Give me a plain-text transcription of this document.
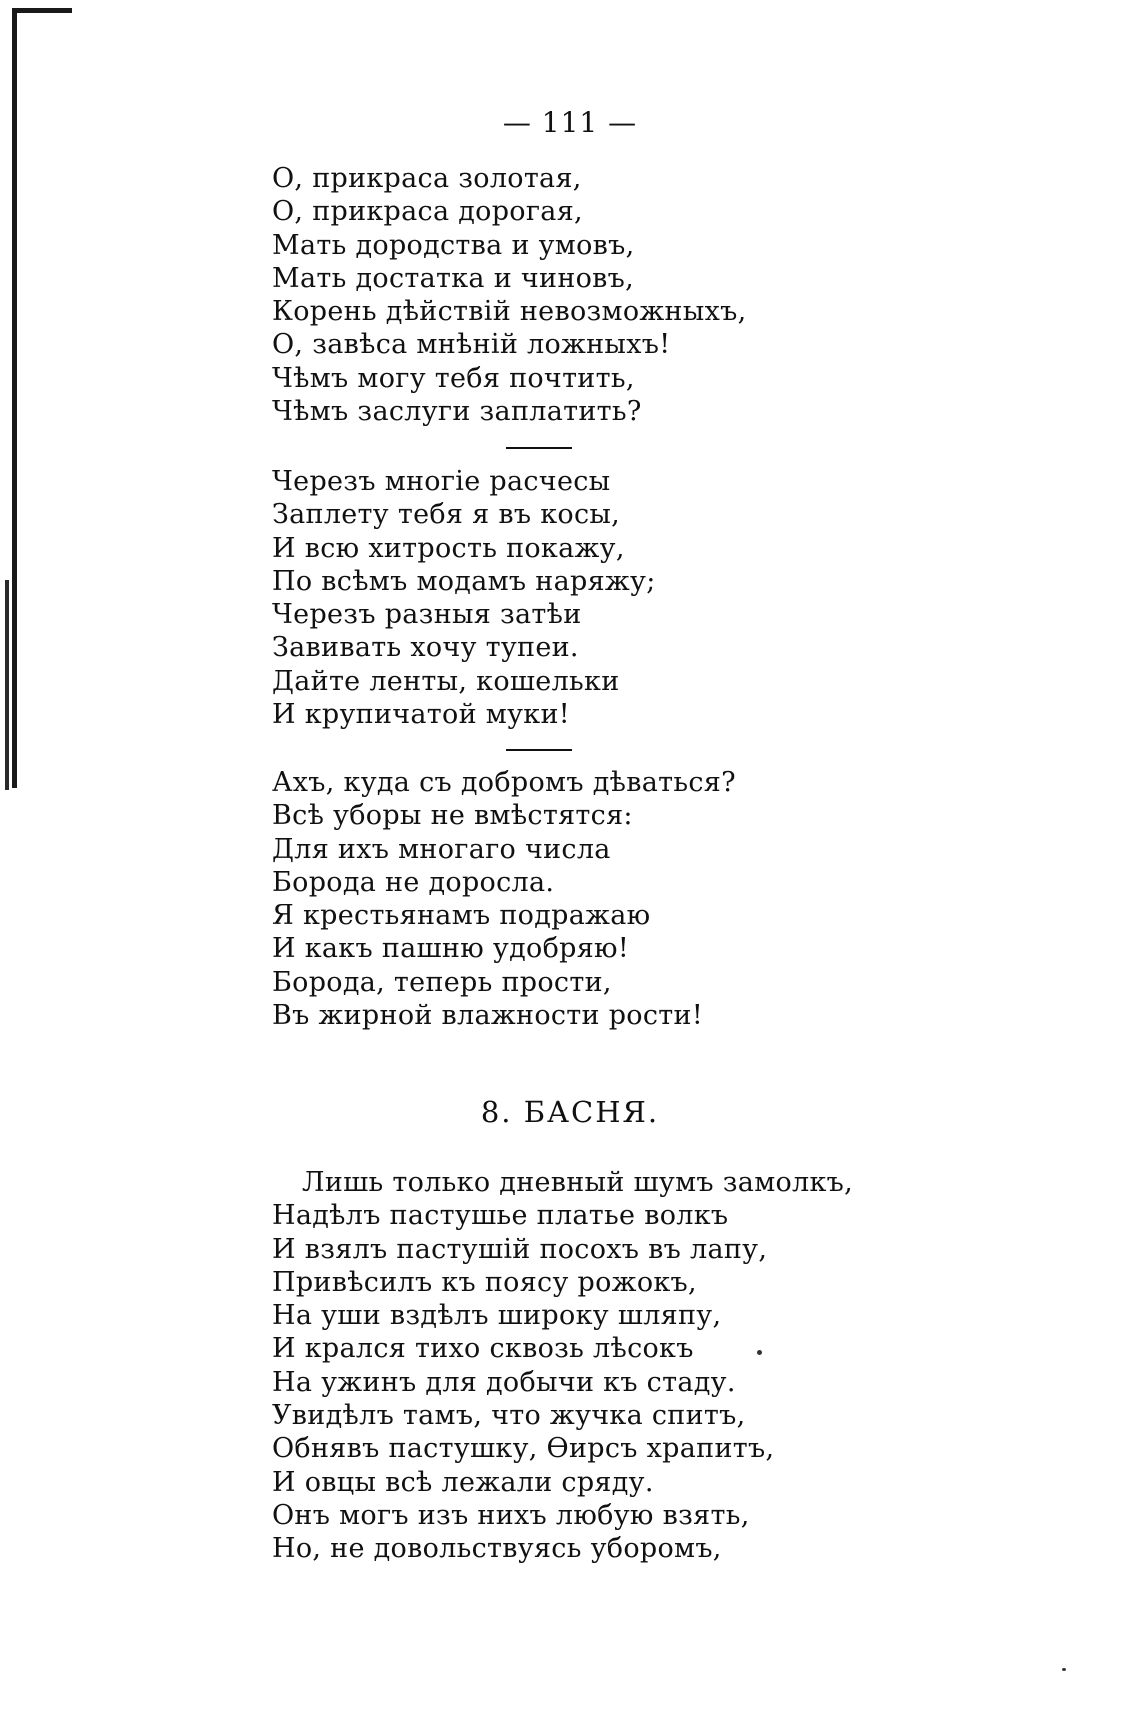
— 111 —
О, прикраса золотая,
О, прикраса дорогая,
Мать дородства и умовъ,
Мать достатка и чиновъ,
Корень дѣйствій невозможныхъ,
О, завѣса мнѣній ложныхъ!
Чѣмъ могу тебя почтить,
Чѣмъ заслуги заплатить?
Черезъ многіе расчесы
Заплету тебя я въ косы,
И всю хитрость покажу,
По всѣмъ модамъ наряжу;
Черезъ разныя затѣи
Завивать хочу тупеи.
Дайте ленты, кошельки
И крупичатой муки!
Ахъ, куда съ добромъ дѣваться?
Всѣ уборы не вмѣстятся:
Для ихъ многаго числа
Борода не доросла.
Я крестьянамъ подражаю
И какъ пашню удобряю!
Борода, теперь прости,
Въ жирной влажности рости!
8. БАСНЯ.
Лишь только дневный шумъ замолкъ,
Надѣлъ пастушье платье волкъ
И взялъ пастушій посохъ въ лапу,
Привѣсилъ къ поясу рожокъ,
На уши вздѣлъ широку шляпу,
И крался тихо сквозь лѣсокъ
На ужинъ для добычи къ стаду.
Увидѣлъ тамъ, что жучка спитъ,
Обнявъ пастушку, Ѳирсъ храпитъ,
И овцы всѣ лежали сряду.
Онъ могъ изъ нихъ любую взять,
Но, не довольствуясь уборомъ,
